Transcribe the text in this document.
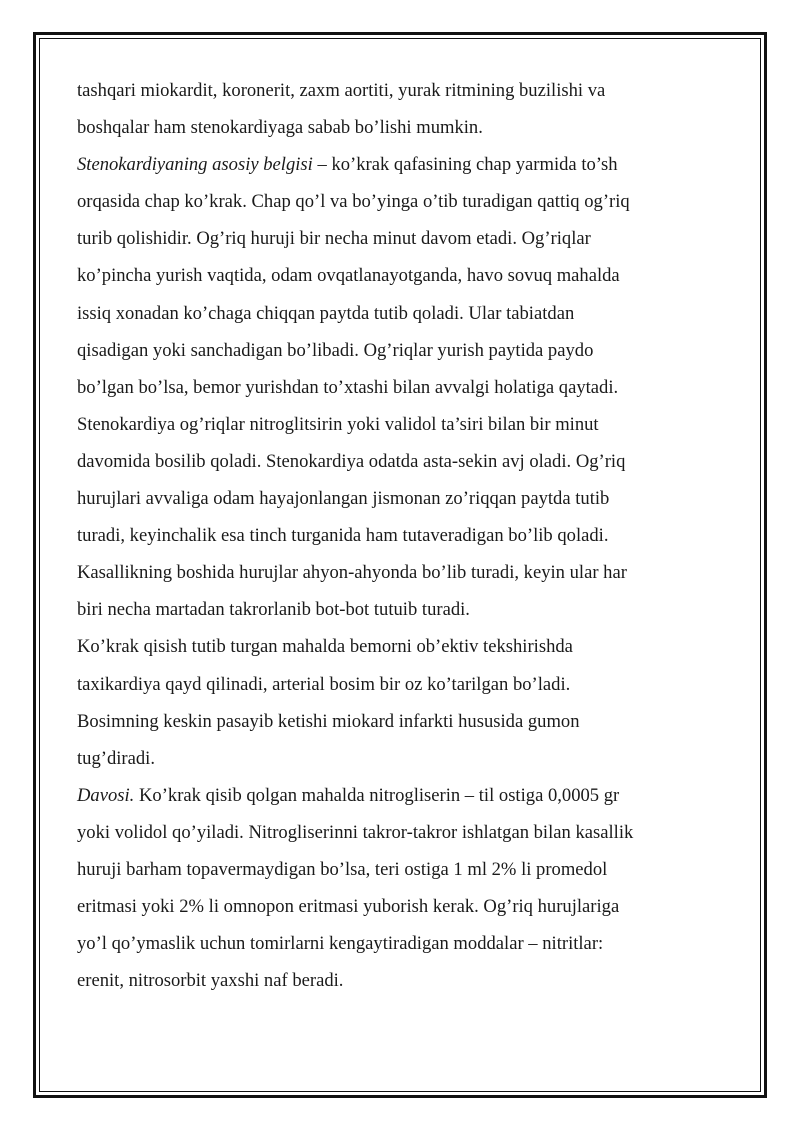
tashqari miokardit, koronerit, zaxm aortiti, yurak ritmining buzilishi va
boshqalar ham stenokardiyaga sabab bo’lishi mumkin.
Stenokardiyaning asosiy belgisi – ko’krak qafasining chap yarmida to’sh
orqasida chap ko’krak. Chap qo’l va bo’yinga o’tib turadigan qattiq og’riq
turib qolishidir. Og’riq huruji bir necha minut davom etadi. Og’riqlar
ko’pincha yurish vaqtida, odam ovqatlanayotganda, havo sovuq mahalda
issiq xonadan ko’chaga chiqqan paytda tutib qoladi. Ular tabiatdan
qisadigan yoki sanchadigan bo’libadi. Og’riqlar yurish paytida paydo
bo’lgan bo’lsa, bemor yurishdan to’xtashi bilan avvalgi holatiga qaytadi.
Stenokardiya og’riqlar nitroglitsirin yoki validol ta’siri bilan bir minut
davomida bosilib qoladi. Stenokardiya odatda asta-sekin avj oladi. Og’riq
hurujlari avvaliga odam hayajonlangan jismonan zo’riqqan paytda tutib
turadi, keyinchalik esa tinch turganida ham tutaveradigan bo’lib qoladi.
Kasallikning boshida hurujlar ahyon-ahyonda bo’lib turadi, keyin ular har
biri necha martadan takrorlanib bot-bot tutuib turadi.
Ko’krak qisish tutib turgan mahalda bemorni ob’ektiv tekshirishda
taxikardiya qayd qilinadi, arterial bosim bir oz ko’tarilgan bo’ladi.
Bosimning keskin pasayib ketishi miokard infarkti hususida gumon
tug’diradi.
Davosi. Ko’krak qisib qolgan mahalda nitrogliserin – til ostiga 0,0005 gr
yoki volidol qo’yiladi. Nitrogliserinni takror-takror ishlatgan bilan kasallik
huruji barham topavermaydigan bo’lsa, teri ostiga 1 ml 2% li promedol
eritmasi yoki 2% li omnopon eritmasi yuborish kerak. Og’riq hurujlariga
yo’l qo’ymaslik uchun tomirlarni kengaytiradigan moddalar – nitritlar:
erenit, nitrosorbit yaxshi naf beradi.
